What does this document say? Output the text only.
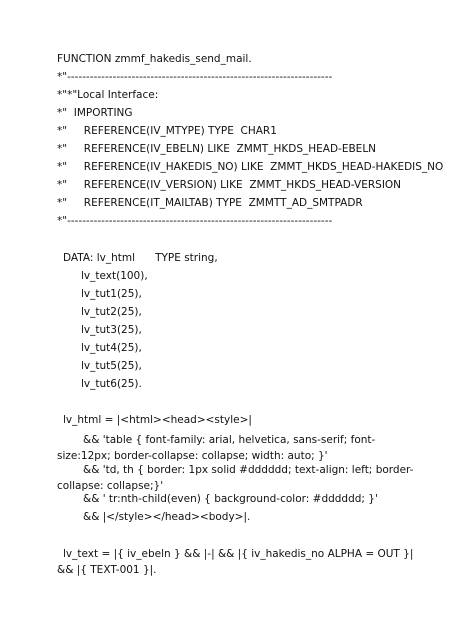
FUNCTION zmmf_hakedis_send_mail.
*"----------------------------------------------------------------------
*"*"Local Interface:
*"  IMPORTING
*"     REFERENCE(IV_MTYPE) TYPE  CHAR1
*"     REFERENCE(IV_EBELN) LIKE  ZMMT_HKDS_HEAD-EBELN
*"     REFERENCE(IV_HAKEDIS_NO) LIKE  ZMMT_HKDS_HEAD-HAKEDIS_NO
*"     REFERENCE(IV_VERSION) LIKE  ZMMT_HKDS_HEAD-VERSION
*"     REFERENCE(IT_MAILTAB) TYPE  ZMMTT_AD_SMTPADR
*"----------------------------------------------------------------------
DATA: lv_html      TYPE string,
lv_text(100),
lv_tut1(25),
lv_tut2(25),
lv_tut3(25),
lv_tut4(25),
lv_tut5(25),
lv_tut6(25).
lv_html = |<html><head><style>|
&& 'table { font-family: arial, helvetica, sans-serif; font-size:12px; border-collapse: collapse; width: auto; }'
&& 'td, th { border: 1px solid #dddddd; text-align: left; border-collapse: collapse;}'
&& ' tr:nth-child(even) { background-color: #dddddd; }'
&& |</style></head><body>|.
lv_text = |{ iv_ebeln } && |-| && |{ iv_hakedis_no ALPHA = OUT }| && |{ TEXT-001 }|.
